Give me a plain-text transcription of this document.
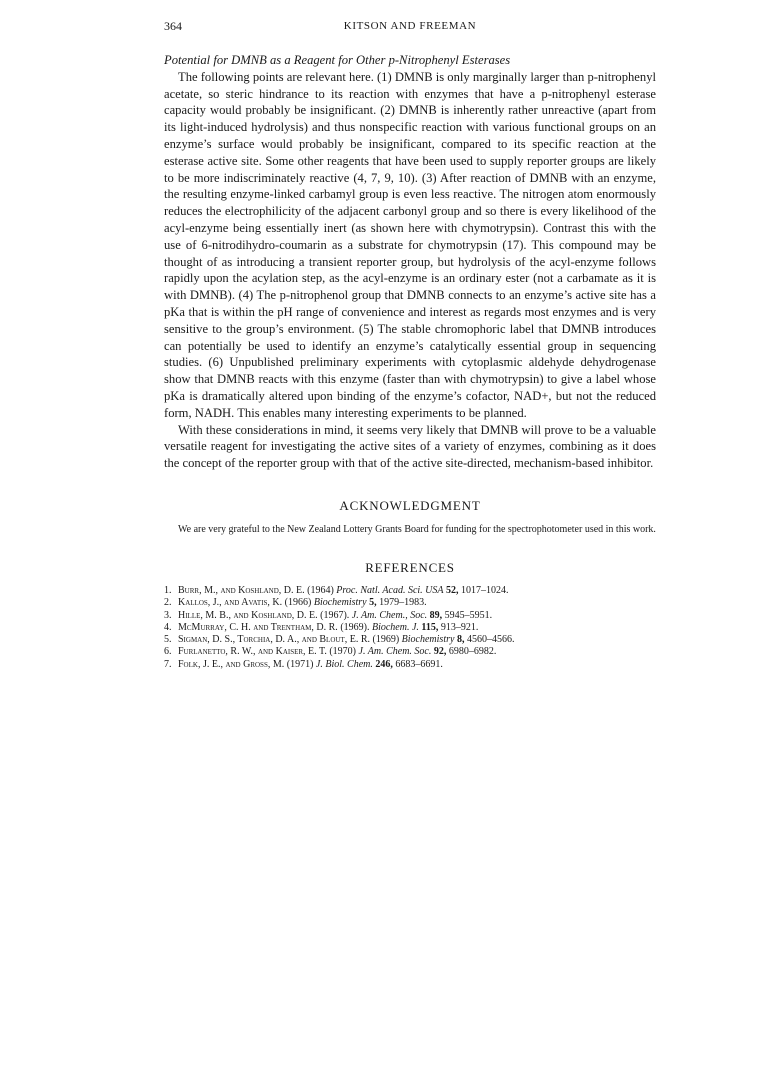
364	KITSON AND FREEMAN
Potential for DMNB as a Reagent for Other p-Nitrophenyl Esterases

The following points are relevant here. (1) DMNB is only marginally larger than p-nitrophenyl acetate, so steric hindrance to its reaction with enzymes that have a p-nitrophenyl esterase capacity would probably be insignificant. (2) DMNB is inherently rather unreactive (apart from its light-induced hydrolysis) and thus nonspecific reaction with various functional groups on an enzyme’s surface would probably be insignificant, compared to its specific reaction at the esterase active site. Some other reagents that have been used to supply reporter groups are likely to be more indiscriminately reactive (4, 7, 9, 10). (3) After reaction of DMNB with an enzyme, the resulting enzyme-linked carbamyl group is even less reactive. The nitrogen atom enormously reduces the electrophilicity of the adjacent carbonyl group and so there is every likelihood of the acyl-enzyme being essentially inert (as shown here with chymotrypsin). Contrast this with the use of 6-nitrodihydro-coumarin as a substrate for chymotrypsin (17). This compound may be thought of as introducing a transient reporter group, but hydrolysis of the acyl-enzyme follows rapidly upon the acylation step, as the acyl-enzyme is an ordinary ester (not a carbamate as it is with DMNB). (4) The p-nitrophenol group that DMNB connects to an enzyme’s active site has a pKa that is within the pH range of convenience and interest as regards most enzymes and is very sensitive to the group’s environment. (5) The stable chromophoric label that DMNB introduces can potentially be used to identify an enzyme’s catalytically essential group in sequencing studies. (6) Unpublished preliminary experiments with cytoplasmic aldehyde dehydrogenase show that DMNB reacts with this enzyme (faster than with chymotrypsin) to give a label whose pKa is dramatically altered upon binding of the enzyme’s cofactor, NAD+, but not the reduced form, NADH. This enables many interesting experiments to be planned.

With these considerations in mind, it seems very likely that DMNB will prove to be a valuable versatile reagent for investigating the active sites of a variety of enzymes, combining as it does the concept of the reporter group with that of the active site-directed, mechanism-based inhibitor.

ACKNOWLEDGMENT

We are very grateful to the New Zealand Lottery Grants Board for funding for the spectrophotometer used in this work.

REFERENCES
1. Burr, M., and Koshland, D. E. (1964) Proc. Natl. Acad. Sci. USA 52, 1017–1024.
2. Kallos, J., and Avatis, K. (1966) Biochemistry 5, 1979–1983.
3. Hille, M. B., and Koshland, D. E. (1967). J. Am. Chem., Soc. 89, 5945–5951.
4. McMurray, C. H. and Trentham, D. R. (1969). Biochem. J. 115, 913–921.
5. Sigman, D. S., Torchia, D. A., and Blout, E. R. (1969) Biochemistry 8, 4560–4566.
6. Furlanetto, R. W., and Kaiser, E. T. (1970) J. Am. Chem. Soc. 92, 6980–6982.
7. Folk, J. E., and Gross, M. (1971) J. Biol. Chem. 246, 6683–6691.
